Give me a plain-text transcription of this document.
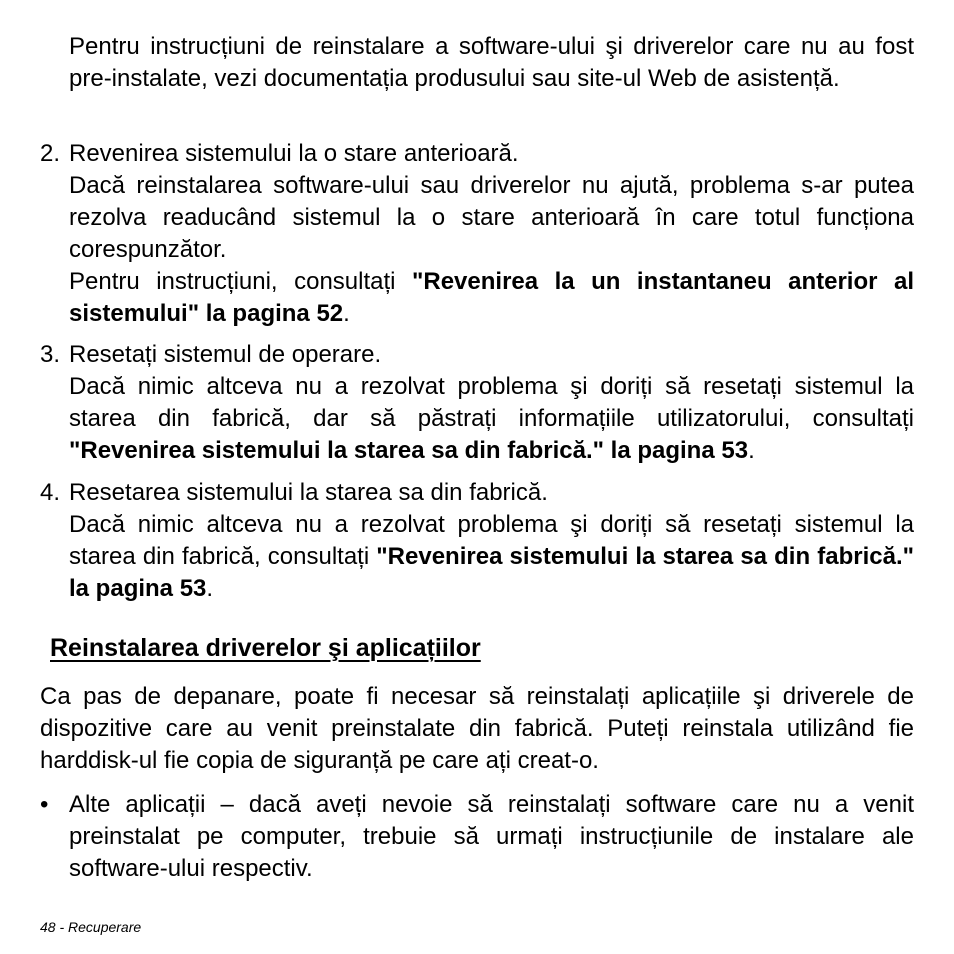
Pentru instrucțiuni de reinstalare a software-ului şi driverelor care nu au fost pre-instalate, vezi documentația produsului sau site-ul Web de asistență.
2. Revenirea sistemului la o stare anterioară.
Dacă reinstalarea software-ului sau driverelor nu ajută, problema s-ar putea rezolva readucând sistemul la o stare anterioară în care totul funcționa corespunzător.
Pentru instrucțiuni, consultați "Revenirea la un instantaneu anterior al sistemului" la pagina 52.
3. Resetați sistemul de operare.
Dacă nimic altceva nu a rezolvat problema şi doriți să resetați sistemul la starea din fabrică, dar să păstrați informațiile utilizatorului, consultați "Revenirea sistemului la starea sa din fabrică." la pagina 53.
4. Resetarea sistemului la starea sa din fabrică.
Dacă nimic altceva nu a rezolvat problema şi doriți să resetați sistemul la starea din fabrică, consultați "Revenirea sistemului la starea sa din fabrică." la pagina 53.
Reinstalarea driverelor şi aplicațiilor
Ca pas de depanare, poate fi necesar să reinstalați aplicațiile şi driverele de dispozitive care au venit preinstalate din fabrică. Puteți reinstala utilizând fie harddisk-ul fie copia de siguranță pe care ați creat-o.
• Alte aplicații – dacă aveți nevoie să reinstalați software care nu a venit preinstalat pe computer, trebuie să urmați instrucțiunile de instalare ale software-ului respectiv.
48 - Recuperare
